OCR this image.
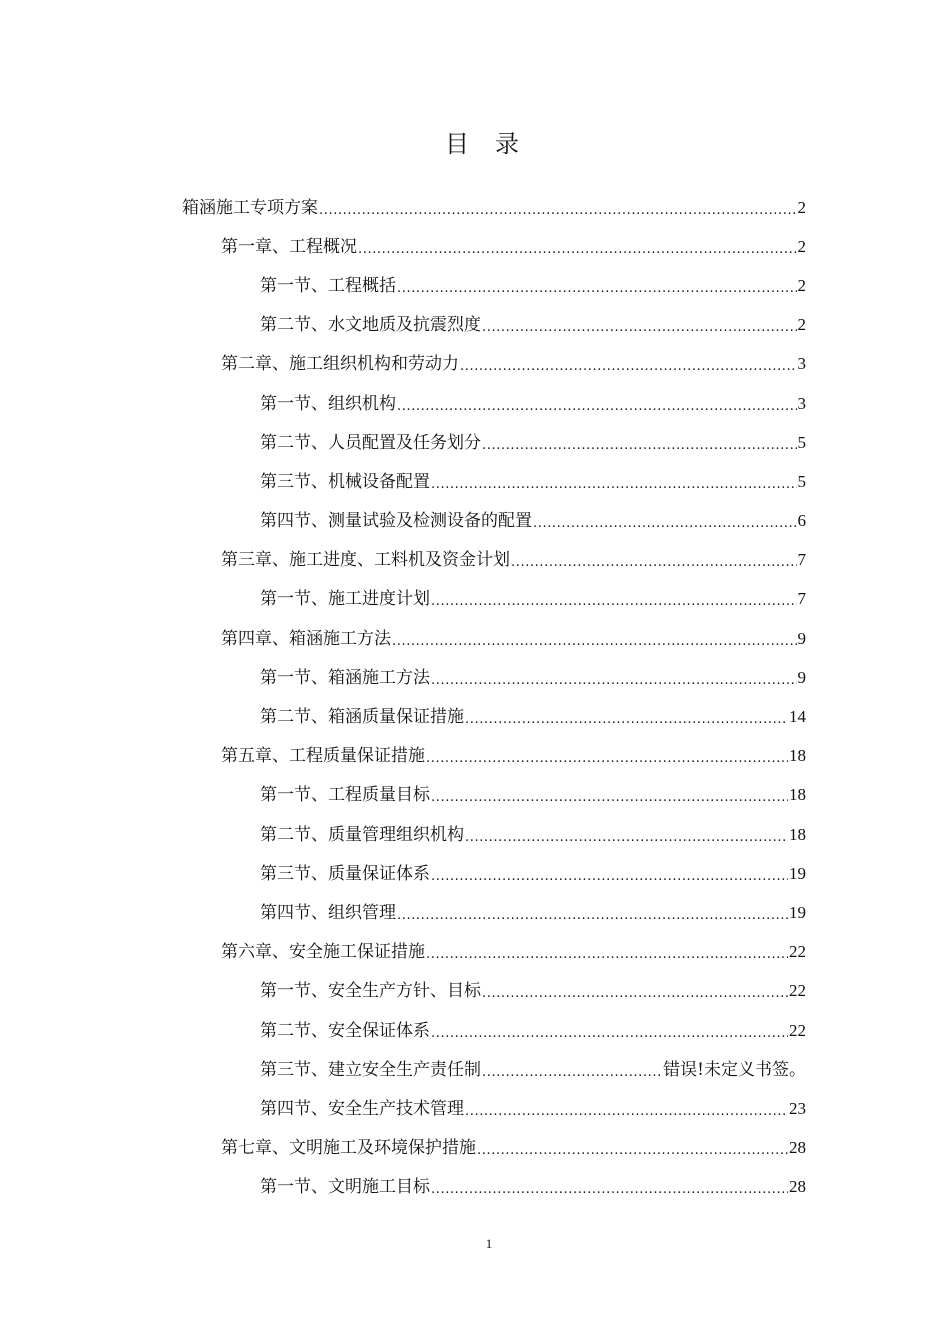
目录
箱涵施工专项方案 .....	2
第一章、工程概况 .....	2
第一节、工程概括 .....	2
第二节、水文地质及抗震烈度 .....	2
第二章、施工组织机构和劳动力 .....	3
第一节、组织机构 .....	3
第二节、人员配置及任务划分 .....	5
第三节、机械设备配置 .....	5
第四节、测量试验及检测设备的配置 .....	6
第三章、施工进度、工料机及资金计划 .....	7
第一节、施工进度计划 .....	7
第四章、箱涵施工方法 .....	9
第一节、箱涵施工方法 .....	9
第二节、箱涵质量保证措施 .....	14
第五章、工程质量保证措施 .....	18
第一节、工程质量目标 .....	18
第二节、质量管理组织机构 .....	18
第三节、质量保证体系 .....	19
第四节、组织管理 .....	19
第六章、安全施工保证措施 .....	22
第一节、安全生产方针、目标 .....	22
第二节、安全保证体系 .....	22
第三节、建立安全生产责任制 .....	错误!未定义书签。
第四节、安全生产技术管理 .....	23
第七章、文明施工及环境保护措施 .....	28
第一节、文明施工目标 .....	28
1
